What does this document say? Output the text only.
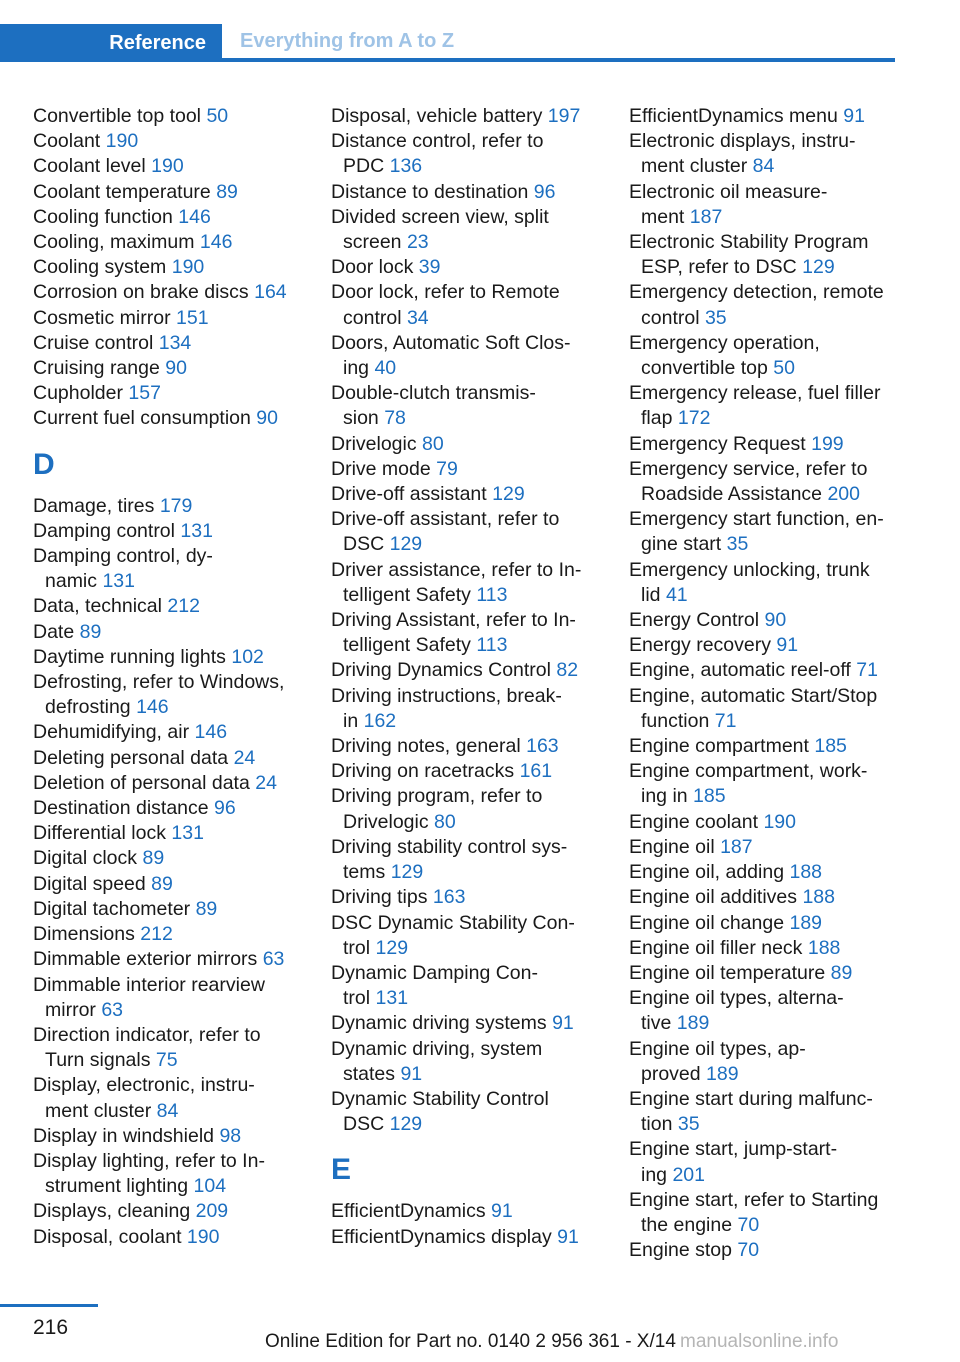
Reference	Everything from A to Z

Convertible top tool 50

Coolant 190

Coolant level 190

Coolant temperature 89

Cooling function 146

Cooling, maximum 146

Cooling system 190

Corrosion on brake discs 164

Cosmetic mirror 151

Cruise control 134

Cruising range 90

Cupholder 157

Current fuel consumption 90

D

Damage, tires 179

Damping control 131

Damping control, dy-
namic 131

Data, technical 212

Date 89

Daytime running lights 102

Defrosting, refer to Windows,
defrosting 146

Dehumidifying, air 146

Deleting personal data 24

Deletion of personal data 24

Destination distance 96

Differential lock 131

Digital clock 89

Digital speed 89

Digital tachometer 89

Dimensions 212

Dimmable exterior mirrors 63

Dimmable interior rearview
mirror 63

Direction indicator, refer to
Turn signals 75

Display, electronic, instru-
ment cluster 84

Display in windshield 98

Display lighting, refer to In-
strument lighting 104

Displays, cleaning 209

Disposal, coolant 190

Disposal, vehicle battery 197

Distance control, refer to
PDC 136

Distance to destination 96

Divided screen view, split
screen 23

Door lock 39

Door lock, refer to Remote
control 34

Doors, Automatic Soft Clos-
ing 40

Double-clutch transmis-
sion 78

Drivelogic 80

Drive mode 79

Drive-off assistant 129

Drive-off assistant, refer to
DSC 129

Driver assistance, refer to In-
telligent Safety 113

Driving Assistant, refer to In-
telligent Safety 113

Driving Dynamics Control 82

Driving instructions, break-
in 162

Driving notes, general 163

Driving on racetracks 161

Driving program, refer to
Drivelogic 80

Driving stability control sys-
tems 129

Driving tips 163

DSC Dynamic Stability Con-
trol 129

Dynamic Damping Con-
trol 131

Dynamic driving systems 91

Dynamic driving, system
states 91

Dynamic Stability Control
DSC 129

E

EfficientDynamics 91

EfficientDynamics display 91

EfficientDynamics menu 91

Electronic displays, instru-
ment cluster 84

Electronic oil measure-
ment 187

Electronic Stability Program
ESP, refer to DSC 129

Emergency detection, remote
control 35

Emergency operation,
convertible top 50

Emergency release, fuel filler
flap 172

Emergency Request 199

Emergency service, refer to
Roadside Assistance 200

Emergency start function, en-
gine start 35

Emergency unlocking, trunk
lid 41

Energy Control 90

Energy recovery 91

Engine, automatic reel-off 71

Engine, automatic Start/Stop
function 71

Engine compartment 185

Engine compartment, work-
ing in 185

Engine coolant 190

Engine oil 187

Engine oil, adding 188

Engine oil additives 188

Engine oil change 189

Engine oil filler neck 188

Engine oil temperature 89

Engine oil types, alterna-
tive 189

Engine oil types, ap-
proved 189

Engine start during malfunc-
tion 35

Engine start, jump-start-
ing 201

Engine start, refer to Starting
the engine 70

Engine stop 70

216
Online Edition for Part no. 0140 2 956 361 - X/14 manualsonline.info
